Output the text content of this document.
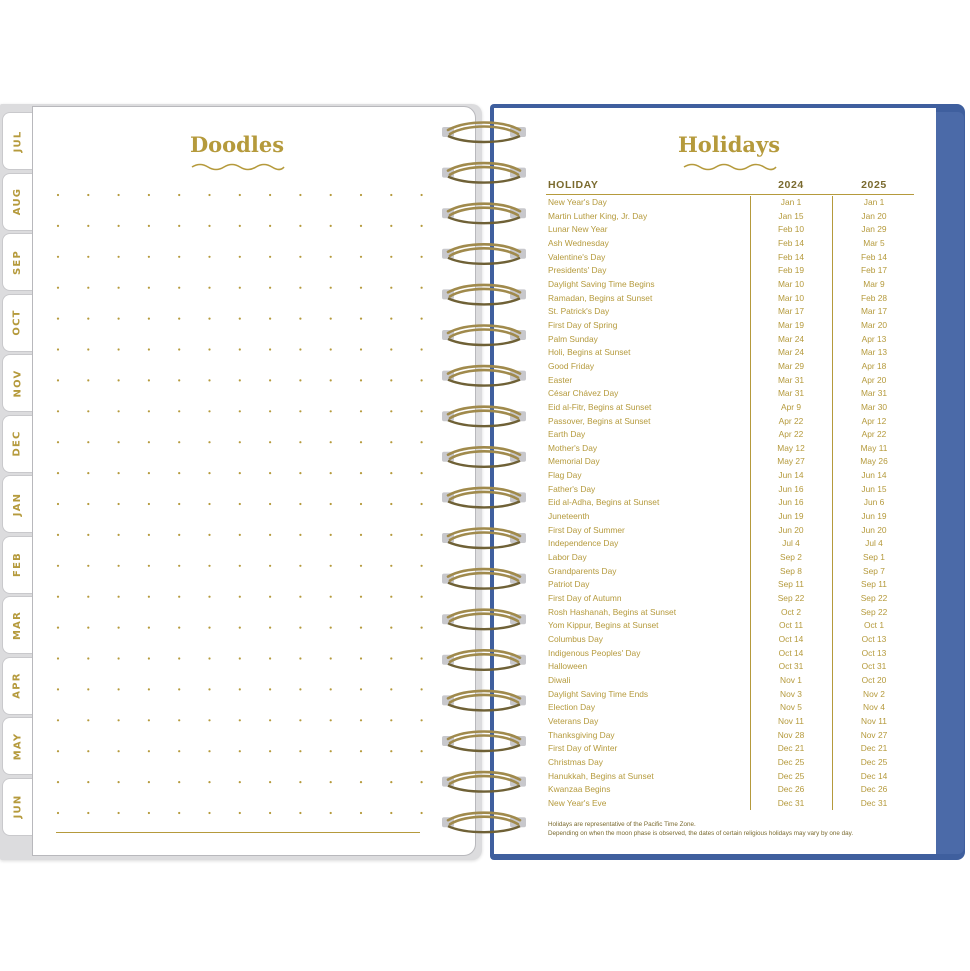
JUL
AUG
SEP
OCT
NOV
DEC
JAN
FEB
MAR
APR
MAY
JUN
Doodles	Holidays
HOLIDAY	2024	2025
New Year's Day	Jan 1	Jan 1
Martin Luther King, Jr. Day	Jan 15	Jan 20
Lunar New Year	Feb 10	Jan 29
Ash Wednesday	Feb 14	Mar 5
Valentine's Day	Feb 14	Feb 14
Presidents' Day	Feb 19	Feb 17
Daylight Saving Time Begins	Mar 10	Mar 9
Ramadan, Begins at Sunset	Mar 10	Feb 28
St. Patrick's Day	Mar 17	Mar 17
First Day of Spring	Mar 19	Mar 20
Palm Sunday	Mar 24	Apr 13
Holi, Begins at Sunset	Mar 24	Mar 13
Good Friday	Mar 29	Apr 18
Easter	Mar 31	Apr 20
César Chávez Day	Mar 31	Mar 31
Eid al-Fitr, Begins at Sunset	Apr 9	Mar 30
Passover, Begins at Sunset	Apr 22	Apr 12
Earth Day	Apr 22	Apr 22
Mother's Day	May 12	May 11
Memorial Day	May 27	May 26
Flag Day	Jun 14	Jun 14
Father's Day	Jun 16	Jun 15
Eid al-Adha, Begins at Sunset	Jun 16	Jun 6
Juneteenth	Jun 19	Jun 19
First Day of Summer	Jun 20	Jun 20
Independence Day	Jul 4	Jul 4
Labor Day	Sep 2	Sep 1
Grandparents Day	Sep 8	Sep 7
Patriot Day	Sep 11	Sep 11
First Day of Autumn	Sep 22	Sep 22
Rosh Hashanah, Begins at Sunset	Oct 2	Sep 22
Yom Kippur, Begins at Sunset	Oct 11	Oct 1
Columbus Day	Oct 14	Oct 13
Indigenous Peoples' Day	Oct 14	Oct 13
Halloween	Oct 31	Oct 31
Diwali	Nov 1	Oct 20
Daylight Saving Time Ends	Nov 3	Nov 2
Election Day	Nov 5	Nov 4
Veterans Day	Nov 11	Nov 11
Thanksgiving Day	Nov 28	Nov 27
First Day of Winter	Dec 21	Dec 21
Christmas Day	Dec 25	Dec 25
Hanukkah, Begins at Sunset	Dec 25	Dec 14
Kwanzaa Begins	Dec 26	Dec 26
New Year's Eve	Dec 31	Dec 31
Holidays are representative of the Pacific Time Zone.
Depending on when the moon phase is observed, the dates of certain religious holidays may vary by one day.
